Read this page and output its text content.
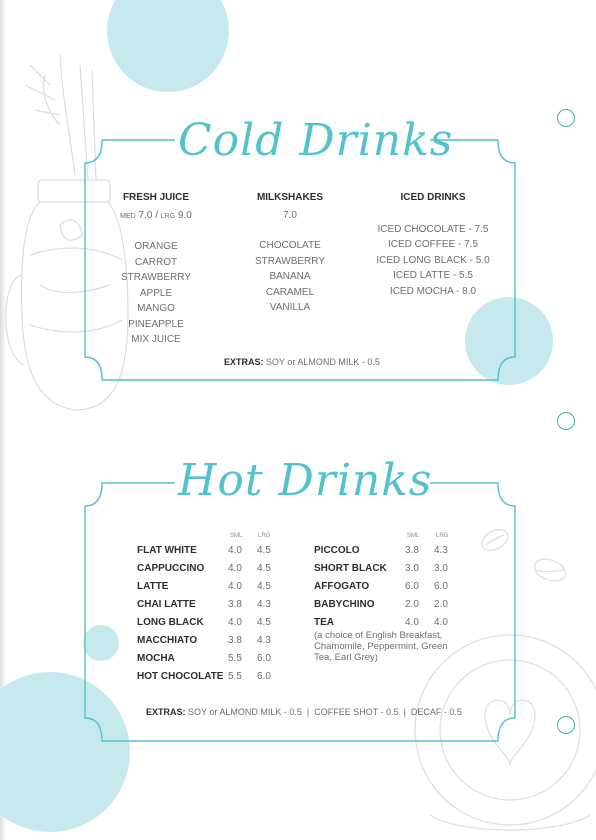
Cold Drinks
FRESH JUICE
MED 7.0 / LRG 9.0
ORANGE
CARROT
STRAWBERRY
APPLE
MANGO
PINEAPPLE
MIX JUICE
MILKSHAKES
7.0
CHOCOLATE
STRAWBERRY
BANANA
CARAMEL
VANILLA
ICED DRINKS
ICED CHOCOLATE - 7.5
ICED COFFEE - 7.5
ICED LONG BLACK - 5.0
ICED LATTE - 5.5
ICED MOCHA - 8.0
EXTRAS: SOY or ALMOND MILK - 0.5
Hot Drinks
SML	LRG
FLAT WHITE	4.0 4.5
CAPPUCCINO 4.0 4.5
LATTE	4.0 4.5
CHAI LATTE	3.8 4.3
LONG BLACK 4.0 4.5
MACCHIATO	3.8 4.3
MOCHA	5.5 6.0
HOT CHOCOLATE 5.5 6.0
SML	LRG
PICCOLO	3.8 4.3
SHORT BLACK 3.0 3.0
AFFOGATO	6.0 6.0
BABYCHINO	2.0 2.0
TEA	4.0 4.0
(a choice of English Breakfast, Chamomile, Peppermint, Green Tea, Earl Grey)
EXTRAS: SOY or ALMOND MILK - 0.5  |  COFFEE SHOT - 0.5  |  DECAF - 0.5
